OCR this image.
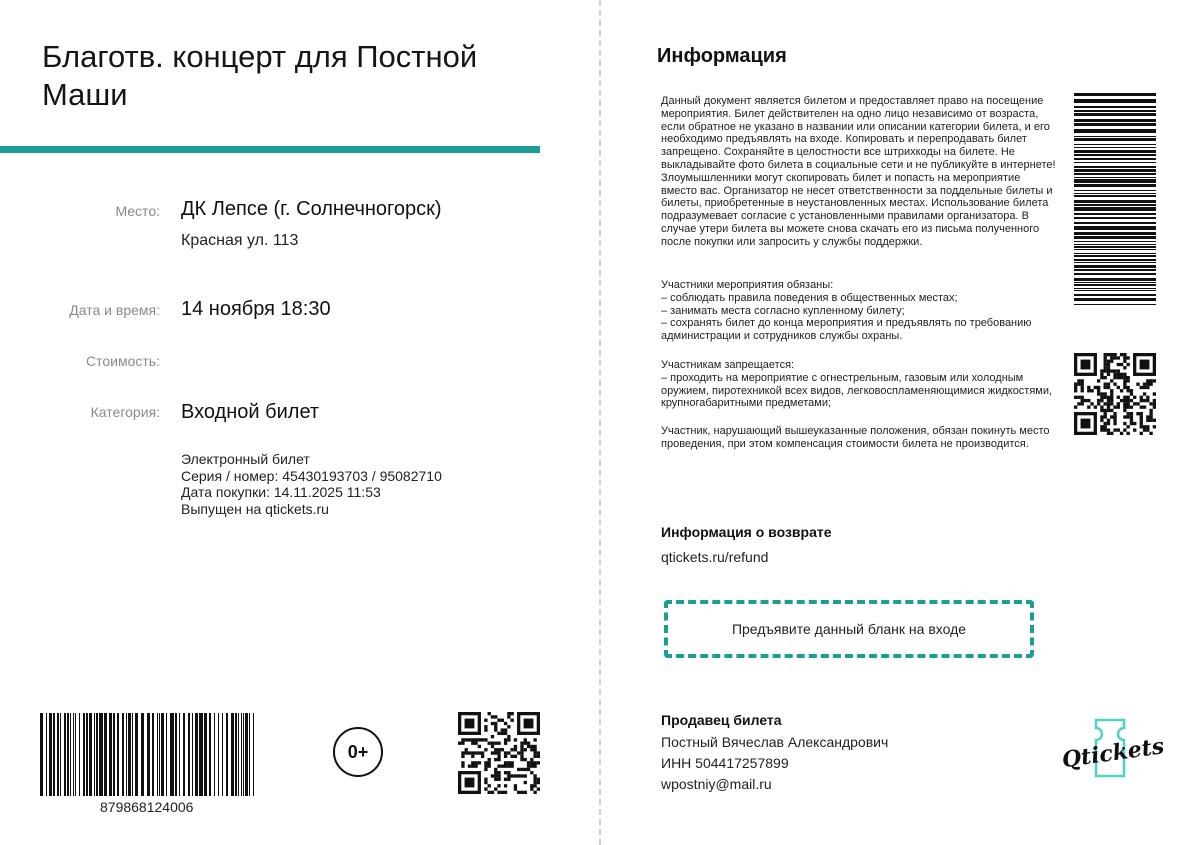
Благотв. концерт для Постной Маши
Место: ДК Лепсе (г. Солнечногорск)
Красная ул. 113
Дата и время: 14 ноября 18:30
Стоимость:
Категория: Входной билет
Электронный билет
Серия / номер: 45430193703 / 95082710
Дата покупки: 14.11.2025 11:53
Выпущен на qtickets.ru
879868124006
0+
Информация
Данный документ является билетом и предоставляет право на посещение мероприятия. Билет действителен на одно лицо независимо от возраста, если обратное не указано в названии или описании категории билета, и его необходимо предъявлять на входе. Копировать и перепродавать билет запрещено. Сохраняйте в целостности все штрихкоды на билете. Не выкладывайте фото билета в социальные сети и не публикуйте в интернете! Злоумышленники могут скопировать билет и попасть на мероприятие вместо вас. Организатор не несет ответственности за поддельные билеты и билеты, приобретенные в неустановленных местах. Использование билета подразумевает согласие с установленными правилами организатора. В случае утери билета вы можете снова скачать его из письма полученного после покупки или запросить у службы поддержки.
Участники мероприятия обязаны:
– соблюдать правила поведения в общественных местах;
– занимать места согласно купленному билету;
– сохранять билет до конца мероприятия и предъявлять по требованию администрации и сотрудников службы охраны.
Участникам запрещается:
– проходить на мероприятие с огнестрельным, газовым или холодным оружием, пиротехникой всех видов, легковоспламеняющимися жидкостями, крупногабаритными предметами;
Участник, нарушающий вышеуказанные положения, обязан покинуть место проведения, при этом компенсация стоимости билета не производится.
Информация о возврате
qtickets.ru/refund
Предъявите данный бланк на входе
Продавец билета
Постный Вячеслав Александрович
ИНН 504417257899
wpostniy@mail.ru
Qtickets
